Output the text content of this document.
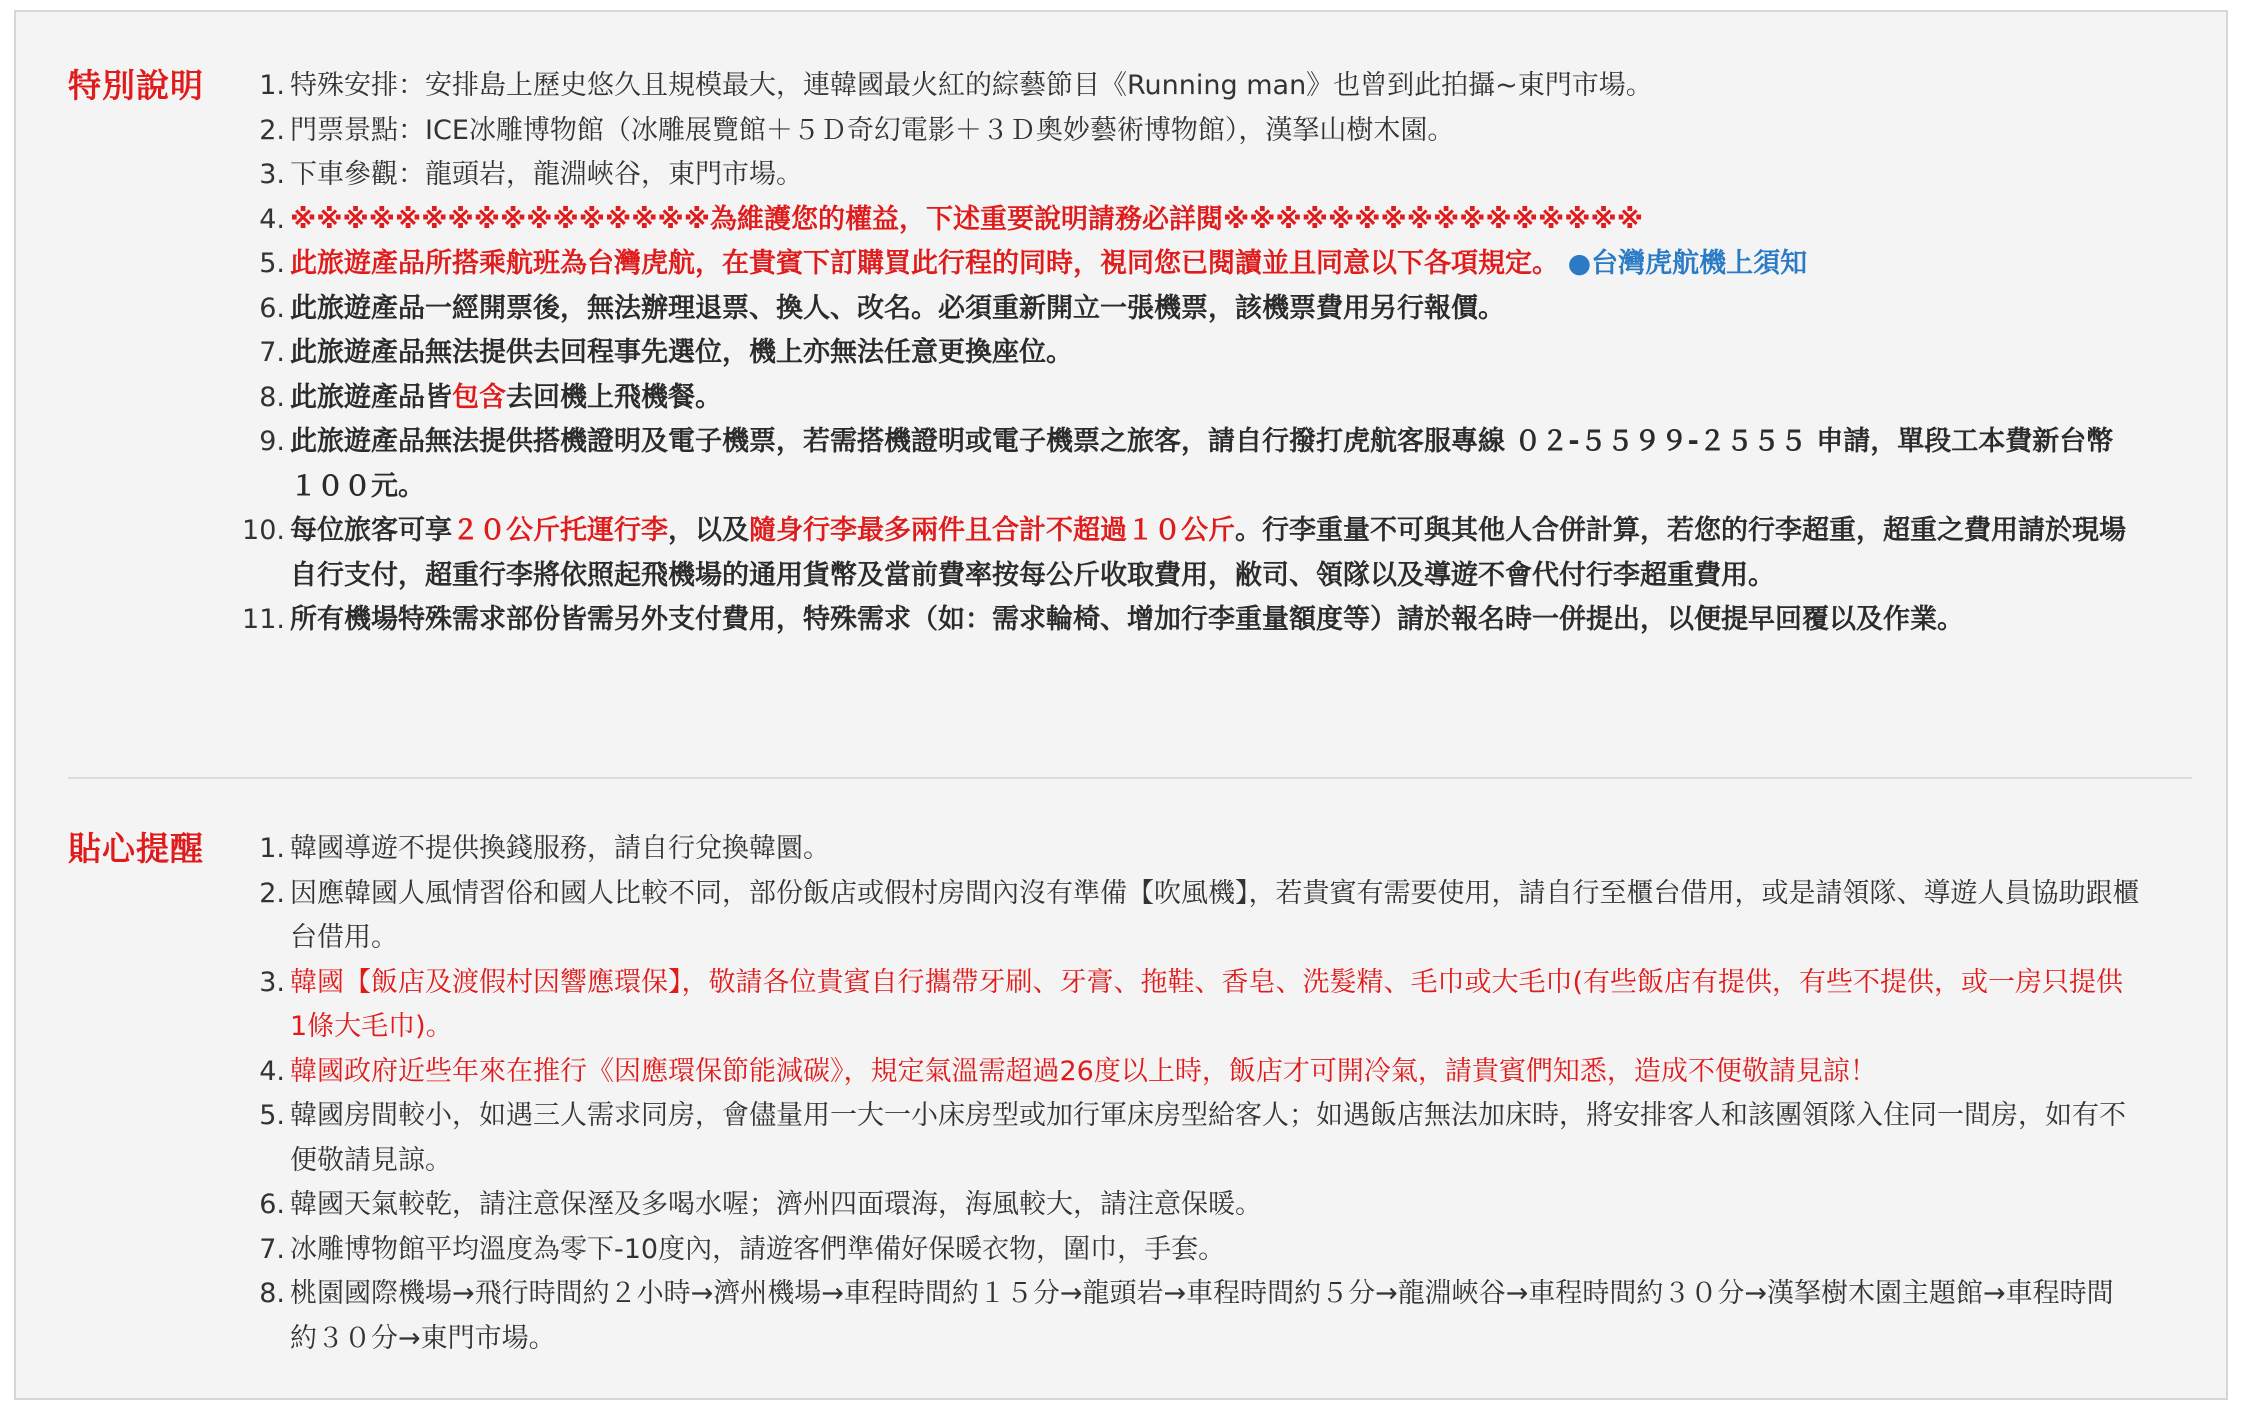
特別說明	1. 特殊安排：安排島上歷史悠久且規模最大，連韓國最火紅的綜藝節目《Running man》也曾到此拍攝~東門市場。
2. 門票景點：ICE冰雕博物館（冰雕展覽館＋５Ｄ奇幻電影＋３Ｄ奧妙藝術博物館），漢拏山樹木園。
3. 下車參觀：龍頭岩，龍淵峽谷，東門市場。
4. ※※※※※※※※※※※※※※※※為維護您的權益，下述重要說明請務必詳閱※※※※※※※※※※※※※※※※
5. 此旅遊產品所搭乘航班為台灣虎航，在貴賓下訂購買此行程的同時，視同您已閱讀並且同意以下各項規定。 ●台灣虎航機上須知
6. 此旅遊產品一經開票後，無法辦理退票、換人、改名。必須重新開立一張機票，該機票費用另行報價。
7. 此旅遊產品無法提供去回程事先選位，機上亦無法任意更換座位。
8. 此旅遊產品皆包含去回機上飛機餐。
9. 此旅遊產品無法提供搭機證明及電子機票，若需搭機證明或電子機票之旅客，請自行撥打虎航客服專線 ０２-５５９９-２５５５ 申請，單段工本費新台幣１００元。
10. 每位旅客可享２０公斤托運行李，以及隨身行李最多兩件且合計不超過１０公斤。行李重量不可與其他人合併計算，若您的行李超重，超重之費用請於現場自行支付，超重行李將依照起飛機場的通用貨幣及當前費率按每公斤收取費用，敝司、領隊以及導遊不會代付行李超重費用。
11. 所有機場特殊需求部份皆需另外支付費用，特殊需求（如：需求輪椅、增加行李重量額度等）請於報名時一併提出，以便提早回覆以及作業。
貼心提醒	1. 韓國導遊不提供換錢服務，請自行兌換韓圜。
2. 因應韓國人風情習俗和國人比較不同，部份飯店或假村房間內沒有準備【吹風機】，若貴賓有需要使用，請自行至櫃台借用，或是請領隊、導遊人員協助跟櫃台借用。
3. 韓國【飯店及渡假村因響應環保】，敬請各位貴賓自行攜帶牙刷、牙膏、拖鞋、香皂、洗髮精、毛巾或大毛巾(有些飯店有提供，有些不提供，或一房只提供1條大毛巾)。
4. 韓國政府近些年來在推行《因應環保節能減碳》，規定氣溫需超過26度以上時，飯店才可開冷氣，請貴賓們知悉，造成不便敬請見諒！
5. 韓國房間較小，如遇三人需求同房，會儘量用一大一小床房型或加行軍床房型給客人；如遇飯店無法加床時，將安排客人和該團領隊入住同一間房，如有不便敬請見諒。
6. 韓國天氣較乾，請注意保溼及多喝水喔；濟州四面環海，海風較大，請注意保暖。
7. 冰雕博物館平均溫度為零下-10度內，請遊客們準備好保暖衣物，圍巾，手套。
8. 桃園國際機場→飛行時間約２小時→濟州機場→車程時間約１５分→龍頭岩→車程時間約５分→龍淵峽谷→車程時間約３０分→漢拏樹木園主題館→車程時間約３０分→東門市場。
